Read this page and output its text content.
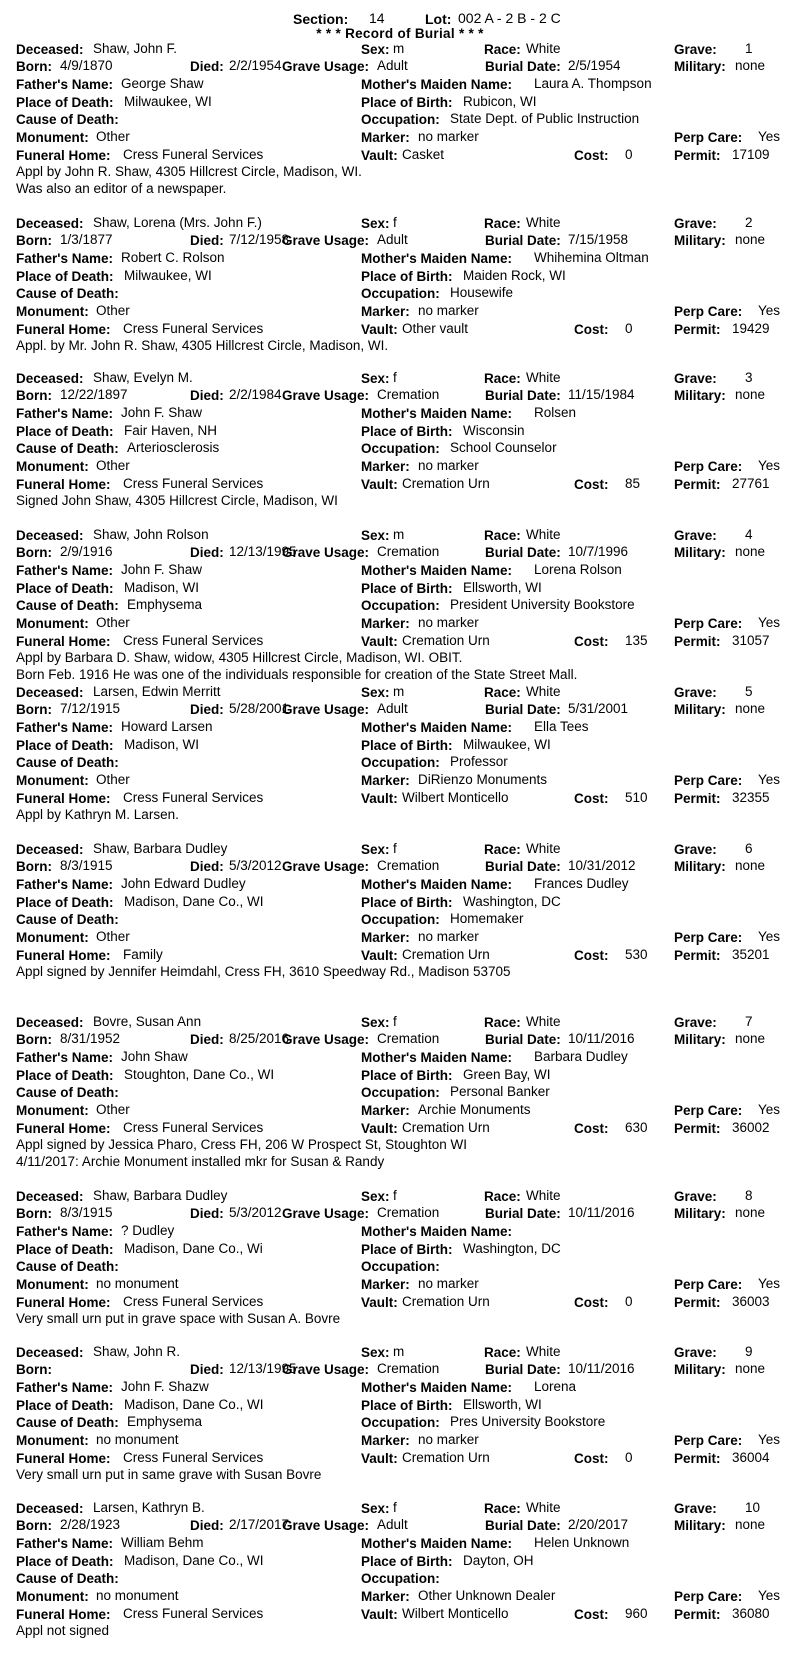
Section: 14	Lot: 002 A - 2 B - 2 C
* * * Record of Burial * * *
Deceased: Shaw, John F.	Sex: m	Race: White	Grave: 1
Born: 4/9/1870	Died: 2/2/1954 Grave Usage: Adult	Burial Date: 2/5/1954	Military: none
Father's Name: George Shaw	Mother's Maiden Name: Laura A. Thompson
Place of Death: Milwaukee, WI	Place of Birth: Rubicon, WI
Cause of Death:	Occupation: State Dept. of Public Instruction
Monument: Other	Marker: no marker	Perp Care: Yes
Funeral Home: Cress Funeral Services	Vault: Casket	Cost: 0	Permit: 17109
Appl by John R. Shaw, 4305 Hillcrest Circle, Madison, WI.
Was also an editor of a newspaper.
Deceased: Shaw, Lorena (Mrs. John F.)	Sex: f	Race: White	Grave: 2
Born: 1/3/1877	Died: 7/12/1958
Grave Usage: Adult	Burial Date: 7/15/1958	Military: none
Father's Name: Robert C. Rolson	Mother's Maiden Name: Whihemina Oltman
Place of Death: Milwaukee, WI	Place of Birth: Maiden Rock, WI
Cause of Death:	Occupation: Housewife
Monument: Other	Marker: no marker	Perp Care: Yes
Funeral Home: Cress Funeral Services	Vault: Other vault	Cost: 0	Permit: 19429
Appl. by Mr. John R. Shaw, 4305 Hillcrest Circle, Madison, WI.
Deceased: Shaw, Evelyn M.	Sex: f	Race: White	Grave: 3
Born: 12/22/1897	Died: 2/2/1984 Grave Usage: Cremation	Burial Date: 11/15/1984	Military: none
Father's Name: John F. Shaw	Mother's Maiden Name: Rolsen
Place of Death: Fair Haven, NH	Place of Birth: Wisconsin
Cause of Death: Arteriosclerosis	Occupation: School Counselor
Monument: Other	Marker: no marker	Perp Care: Yes
Funeral Home: Cress Funeral Services	Vault: Cremation Urn	Cost: 85	Permit: 27761
Signed John Shaw, 4305 Hillcrest Circle, Madison, WI
Deceased: Shaw, John Rolson	Sex: m	Race: White	Grave: 4
Born: 2/9/1916	Died: 12/13/1995
Grave Usage: Cremation	Burial Date: 10/7/1996	Military: none
Father's Name: John F. Shaw	Mother's Maiden Name: Lorena Rolson
Place of Death: Madison, WI	Place of Birth: Ellsworth, WI
Cause of Death: Emphysema	Occupation: President University Bookstore
Monument: Other	Marker: no marker	Perp Care: Yes
Funeral Home: Cress Funeral Services	Vault: Cremation Urn	Cost: 135 Permit: 31057
Appl by Barbara D. Shaw, widow, 4305 Hillcrest Circle, Madison, WI. OBIT.
Born Feb. 1916 He was one of the individuals responsible for creation of the State Street Mall.
Deceased: Larsen, Edwin Merritt	Sex: m	Race: White	Grave: 5
Born: 7/12/1915	Died: 5/28/2001
Grave Usage: Adult	Burial Date: 5/31/2001	Military: none
Father's Name: Howard Larsen	Mother's Maiden Name: Ella Tees
Place of Death: Madison, WI	Place of Birth: Milwaukee, WI
Cause of Death:	Occupation: Professor
Monument: Other	Marker: DiRienzo Monuments	Perp Care: Yes
Funeral Home: Cress Funeral Services	Vault: Wilbert Monticello	Cost: 510 Permit: 32355
Appl by Kathryn M. Larsen.
Deceased: Shaw, Barbara Dudley	Sex: f	Race: White	Grave: 6
Born: 8/3/1915	Died: 5/3/2012 Grave Usage: Cremation	Burial Date: 10/31/2012	Military: none
Father's Name: John Edward Dudley	Mother's Maiden Name: Frances Dudley
Place of Death: Madison, Dane Co., WI	Place of Birth: Washington, DC
Cause of Death:	Occupation: Homemaker
Monument: Other	Marker: no marker	Perp Care: Yes
Funeral Home: Family	Vault: Cremation Urn	Cost: 530 Permit: 35201
Appl signed by Jennifer Heimdahl, Cress FH, 3610 Speedway Rd., Madison 53705
Deceased: Bovre, Susan Ann	Sex: f	Race: White	Grave: 7
Born: 8/31/1952	Died: 8/25/2016
Grave Usage: Cremation	Burial Date: 10/11/2016	Military: none
Father's Name: John Shaw	Mother's Maiden Name: Barbara Dudley
Place of Death: Stoughton, Dane Co., WI	Place of Birth: Green Bay, WI
Cause of Death:	Occupation: Personal Banker
Monument: Other	Marker: Archie Monuments	Perp Care: Yes
Funeral Home: Cress Funeral Services	Vault: Cremation Urn	Cost: 630 Permit: 36002
Appl signed by Jessica Pharo, Cress FH, 206 W Prospect St, Stoughton WI
4/11/2017: Archie Monument installed mkr for Susan & Randy
Deceased: Shaw, Barbara Dudley	Sex: f	Race: White	Grave: 8
Born: 8/3/1915	Died: 5/3/2012 Grave Usage: Cremation	Burial Date: 10/11/2016	Military: none
Father's Name: ? Dudley	Mother's Maiden Name:
Place of Death: Madison, Dane Co., Wi	Place of Birth: Washington, DC
Cause of Death:	Occupation:
Monument: no monument	Marker: no marker	Perp Care: Yes
Funeral Home: Cress Funeral Services	Vault: Cremation Urn	Cost: 0	Permit: 36003
Very small urn put in grave space with Susan A. Bovre
Deceased: Shaw, John R.	Sex: m	Race: White	Grave: 9
Born:	Died: 12/13/1995
Grave Usage: Cremation	Burial Date: 10/11/2016	Military: none
Father's Name: John F. Shazw	Mother's Maiden Name: Lorena
Place of Death: Madison, Dane Co., WI	Place of Birth: Ellsworth, WI
Cause of Death: Emphysema	Occupation: Pres University Bookstore
Monument: no monument	Marker: no marker	Perp Care: Yes
Funeral Home: Cress Funeral Services	Vault: Cremation Urn	Cost: 0	Permit: 36004
Very small urn put in same grave with Susan Bovre
Deceased: Larsen, Kathryn B.	Sex: f	Race: White	Grave: 10
Born: 2/28/1923	Died: 2/17/2017
Grave Usage: Adult	Burial Date: 2/20/2017	Military: none
Father's Name: William Behm	Mother's Maiden Name: Helen Unknown
Place of Death: Madison, Dane Co., WI	Place of Birth: Dayton, OH
Cause of Death:	Occupation:
Monument: no monument	Marker: Other Unknown Dealer	Perp Care: Yes
Funeral Home: Cress Funeral Services	Vault: Wilbert Monticello	Cost: 960 Permit: 36080
Appl not signed
